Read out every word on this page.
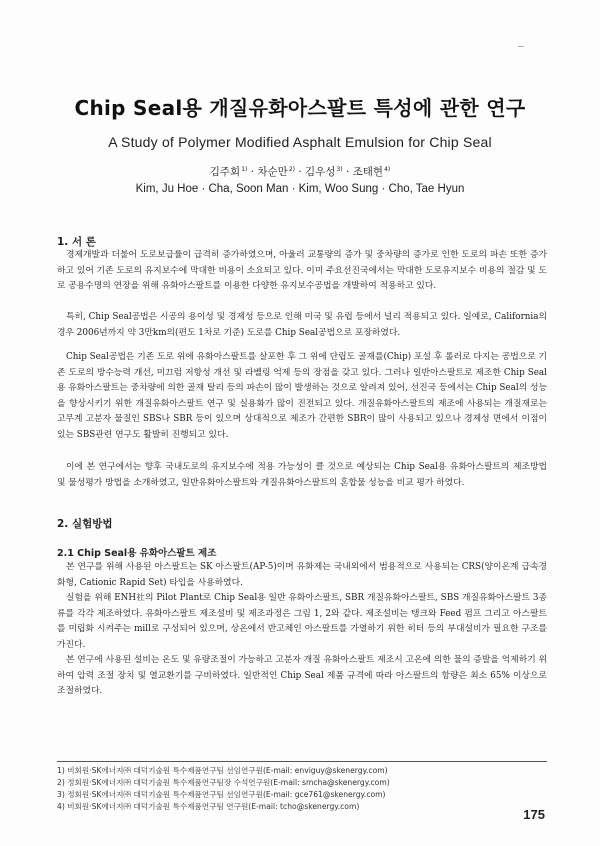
Chip Seal용 개질유화아스팔트 특성에 관한 연구
A Study of Polymer Modified Asphalt Emulsion for Chip Seal
김주회$^{1)}$ · 차순만$^{2)}$ · 김우성$^{3)}$ · 조태현$^{4)}$
Kim, Ju Hoe · Cha, Soon Man · Kim, Woo Sung · Cho, Tae Hyun
1. 서 론
경제개발과 더불어 도로보급률이 급격히 증가하였으며, 아울러 교통량의 증가 및 중차량의 증가로 인한 도로의 파손 또한 증가하고 있어 기존 도로의 유지보수에 막대한 비용이 소요되고 있다. 이미 주요선진국에서는 막대한 도로유지보수 비용의 절감 및 도로 공용수명의 연장을 위해 유화아스팔트를 이용한 다양한 유지보수공법을 개발하여 적용하고 있다.
특히, Chip Seal공법은 시공의 용이성 및 경제성 등으로 인해 미국 및 유럽 등에서 널리 적용되고 있다. 일예로, California의 경우 2006년까지 약 3만km의(편도 1차로 기준) 도로를 Chip Seal공법으로 포장하였다.
Chip Seal공법은 기존 도로 위에 유화아스팔트를 살포한 후 그 위에 단립도 골재를(Chip) 포설 후 롤러로 다지는 공법으로 기존 도로의 방수능력 개선, 미끄럼 저항성 개선 및 라벨링 억제 등의 장점을 갖고 있다. 그러나 일반아스팔트로 제조한 Chip Seal용 유화아스팔트는 중차량에 의한 골재 탈리 등의 파손이 많이 발생하는 것으로 알려져 있어, 선진국 등에서는 Chip Seal의 성능을 향상시키기 위한 개질유화아스팔트 연구 및 실용화가 많이 진전되고 있다. 개질유화아스팔트의 제조에 사용되는 개질재로는 고무계 고분자 물질인 SBS나 SBR 등이 있으며 상대적으로 제조가 간편한 SBR이 많이 사용되고 있으나 경제성 면에서 이점이 있는 SBS관련 연구도 활발히 진행되고 있다.
이에 본 연구에서는 향후 국내도로의 유지보수에 적용 가능성이 클 것으로 예상되는 Chip Seal용 유화아스팔트의 제조방법 및 물성평가 방법을 소개하였고, 일반유화아스팔트와 개질유화아스팔트의 혼합물 성능을 비교 평가 하였다.
2. 실험방법
2.1 Chip Seal용 유화아스팔트 제조
본 연구를 위해 사용된 아스팔트는 SK 아스팔트(AP-5)이며 유화제는 국내외에서 범용적으로 사용되는 CRS(양이온계 급속경화형, Cationic Rapid Set) 타입을 사용하였다.
실험을 위해 ENH社의 Pilot Plant로 Chip Seal용 일반 유화아스팔트, SBR 개질유화아스팔트, SBS 개질유화아스팔트 3종류를 각각 제조하였다. 유화아스팔트 제조설비 및 제조과정은 그림 1, 2와 같다. 제조설비는 탱크와 Feed 펌프 그리고 아스팔트를 미립화 시켜주는 mill로 구성되어 있으며, 상온에서 반고체인 아스팔트를 가열하기 위한 히터 등의 부대설비가 필요한 구조를 가진다.
본 연구에 사용된 설비는 온도 및 유량조절이 가능하고 고분자 개질 유화아스팔트 제조시 고온에 의한 물의 증발을 억제하기 위하여 압력 조절 장치 및 열교환기를 구비하였다. 일반적인 Chip Seal 제품 규격에 따라 아스팔트의 함량은 최소 65% 이상으로 조절하였다.
1) 비회원·SK에너지㈜ 대덕기술원 특수제품연구팀 선임연구원(E-mail: enviguy@skenergy.com)
2) 정회원·SK에너지㈜ 대덕기술원 특수제품연구팀장 수석연구원(E-mail: smcha@skenergy.com)
3) 정회원·SK에너지㈜ 대덕기술원 특수제품연구팀 선임연구원(E-mail: gce761@skenergy.com)
4) 비회원·SK에너지㈜ 대덕기술원 특수제품연구팀 연구원(E-mail: tcho@skenergy.com)
175
